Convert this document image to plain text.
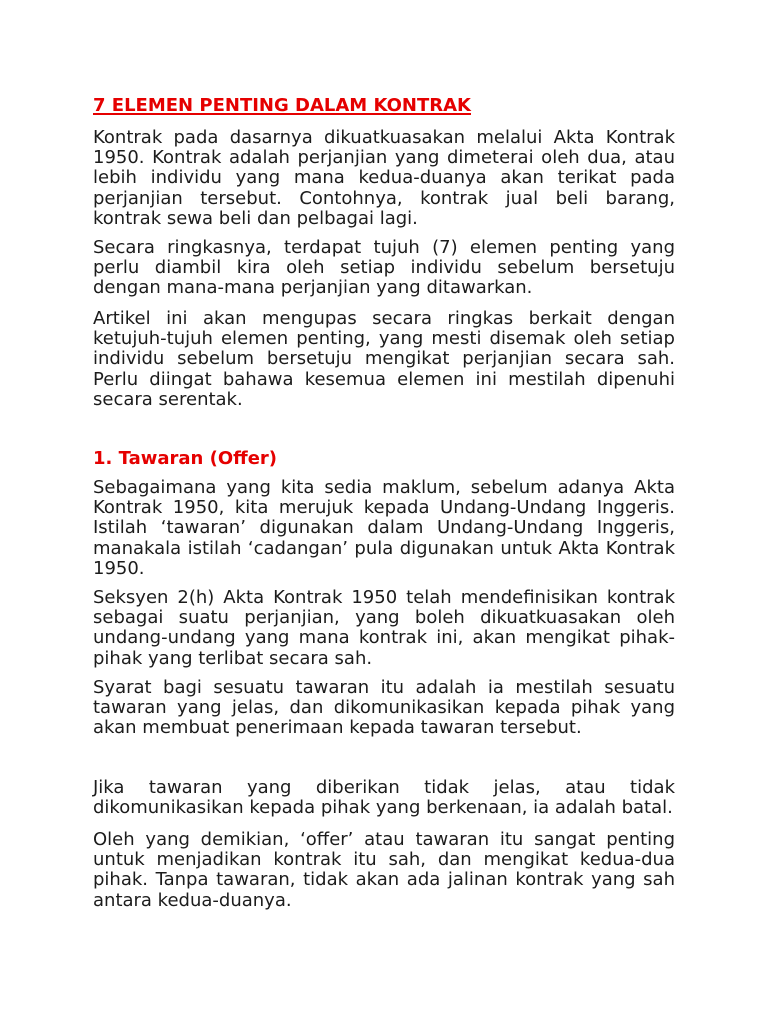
7 ELEMEN PENTING DALAM KONTRAK
Kontrak pada dasarnya dikuatkuasakan melalui Akta Kontrak
1950. Kontrak adalah perjanjian yang dimeterai oleh dua, atau
lebih individu yang mana kedua-duanya akan terikat pada
perjanjian tersebut. Contohnya, kontrak jual beli barang,
kontrak sewa beli dan pelbagai lagi.
Secara ringkasnya, terdapat tujuh (7) elemen penting yang
perlu diambil kira oleh setiap individu sebelum bersetuju
dengan mana-mana perjanjian yang ditawarkan.
Artikel ini akan mengupas secara ringkas berkait dengan
ketujuh-tujuh elemen penting, yang mesti disemak oleh setiap
individu sebelum bersetuju mengikat perjanjian secara sah.
Perlu diingat bahawa kesemua elemen ini mestilah dipenuhi
secara serentak.
1. Tawaran (Offer)
Sebagaimana yang kita sedia maklum, sebelum adanya Akta
Kontrak 1950, kita merujuk kepada Undang-Undang Inggeris.
Istilah ‘tawaran’ digunakan dalam Undang-Undang Inggeris,
manakala istilah ‘cadangan’ pula digunakan untuk Akta Kontrak
1950.
Seksyen 2(h) Akta Kontrak 1950 telah mendefinisikan kontrak
sebagai suatu perjanjian, yang boleh dikuatkuasakan oleh
undang-undang yang mana kontrak ini, akan mengikat pihak-
pihak yang terlibat secara sah.
Syarat bagi sesuatu tawaran itu adalah ia mestilah sesuatu
tawaran yang jelas, dan dikomunikasikan kepada pihak yang
akan membuat penerimaan kepada tawaran tersebut.
Jika tawaran yang diberikan tidak jelas, atau tidak
dikomunikasikan kepada pihak yang berkenaan, ia adalah batal.
Oleh yang demikian, ‘offer’ atau tawaran itu sangat penting
untuk menjadikan kontrak itu sah, dan mengikat kedua-dua
pihak. Tanpa tawaran, tidak akan ada jalinan kontrak yang sah
antara kedua-duanya.
